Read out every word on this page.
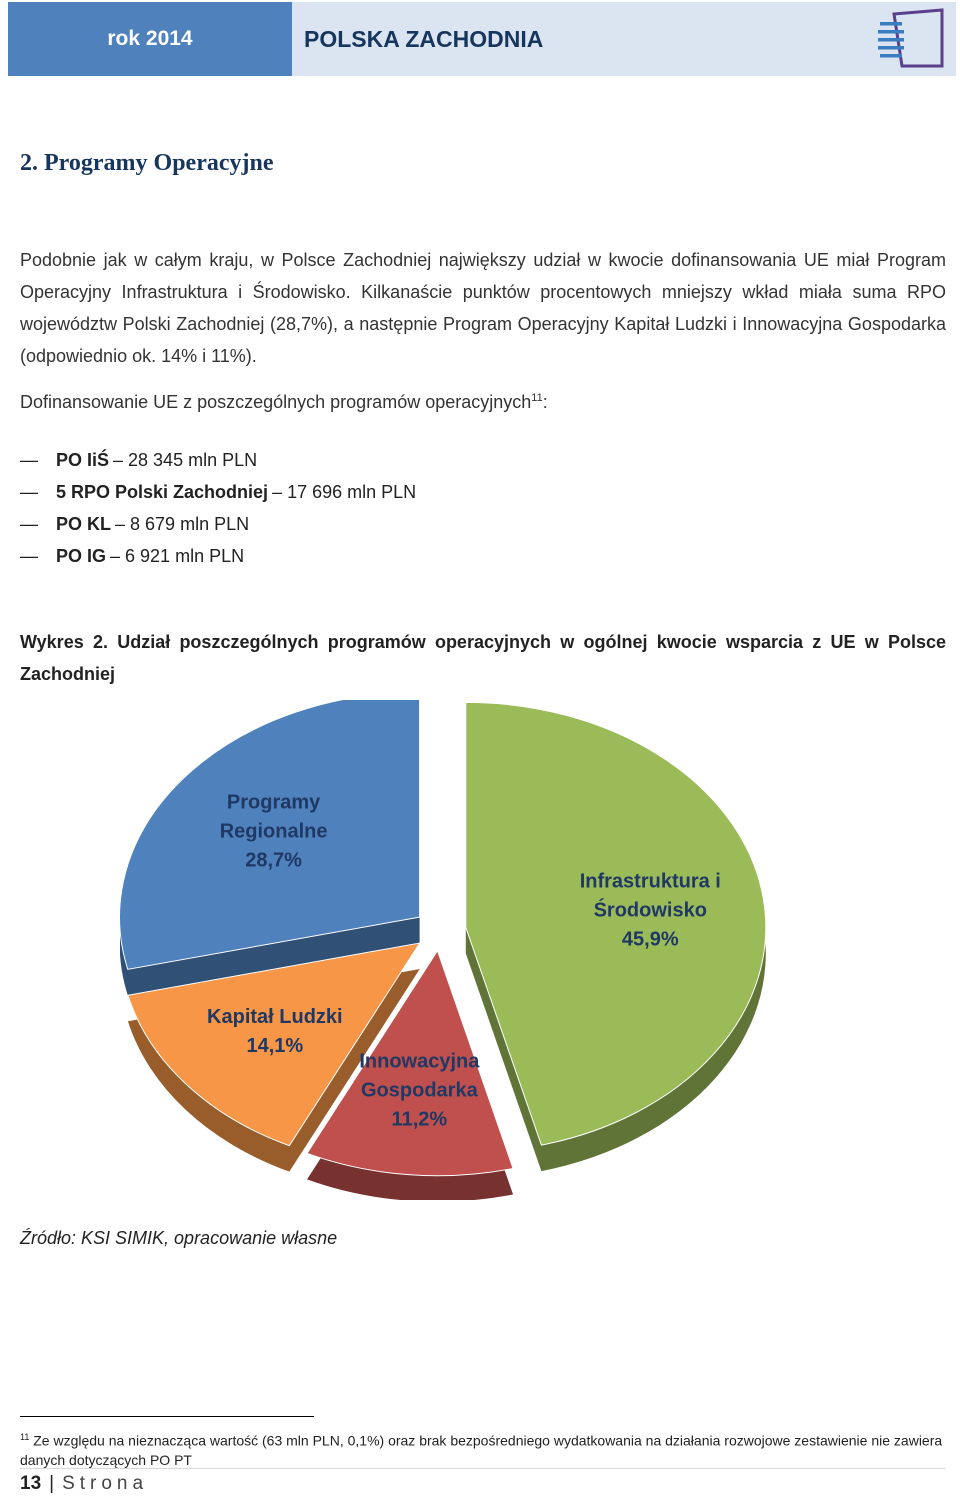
rok 2014	POLSKA ZACHODNIA
2. Programy Operacyjne

Podobnie jak w całym kraju, w Polsce Zachodniej największy udział w kwocie dofinansowania UE miał Program Operacyjny Infrastruktura i Środowisko. Kilkanaście punktów procentowych mniejszy wkład miała suma RPO województw Polski Zachodniej (28,7%), a następnie Program Operacyjny Kapitał Ludzki i Innowacyjna Gospodarka (odpowiednio ok. 14% i 11%).

Dofinansowanie UE z poszczególnych programów operacyjnych$^{11}$:

—	PO IiŚ – 28 345 mln PLN
—	5 RPO Polski Zachodniej – 17 696 mln PLN
—	PO KL – 8 679 mln PLN
—	PO IG – 6 921 mln PLN

Wykres 2. Udział poszczególnych programów operacyjnych w ogólnej kwocie wsparcia z UE w Polsce Zachodniej

Infrastruktura i
Środowisko
45,9%
Innowacyjna
Gospodarka
11,2%
Kapitał Ludzki
14,1%
Programy
Regionalne
28,7%

Źródło: KSI SIMIK, opracowanie własne

$^{11}$ Ze względu na nieznacząca wartość (63 mln PLN, 0,1%) oraz brak bezpośredniego wydatkowania na działania rozwojowe zestawienie nie zawiera danych dotyczących PO PT

13 | Strona
